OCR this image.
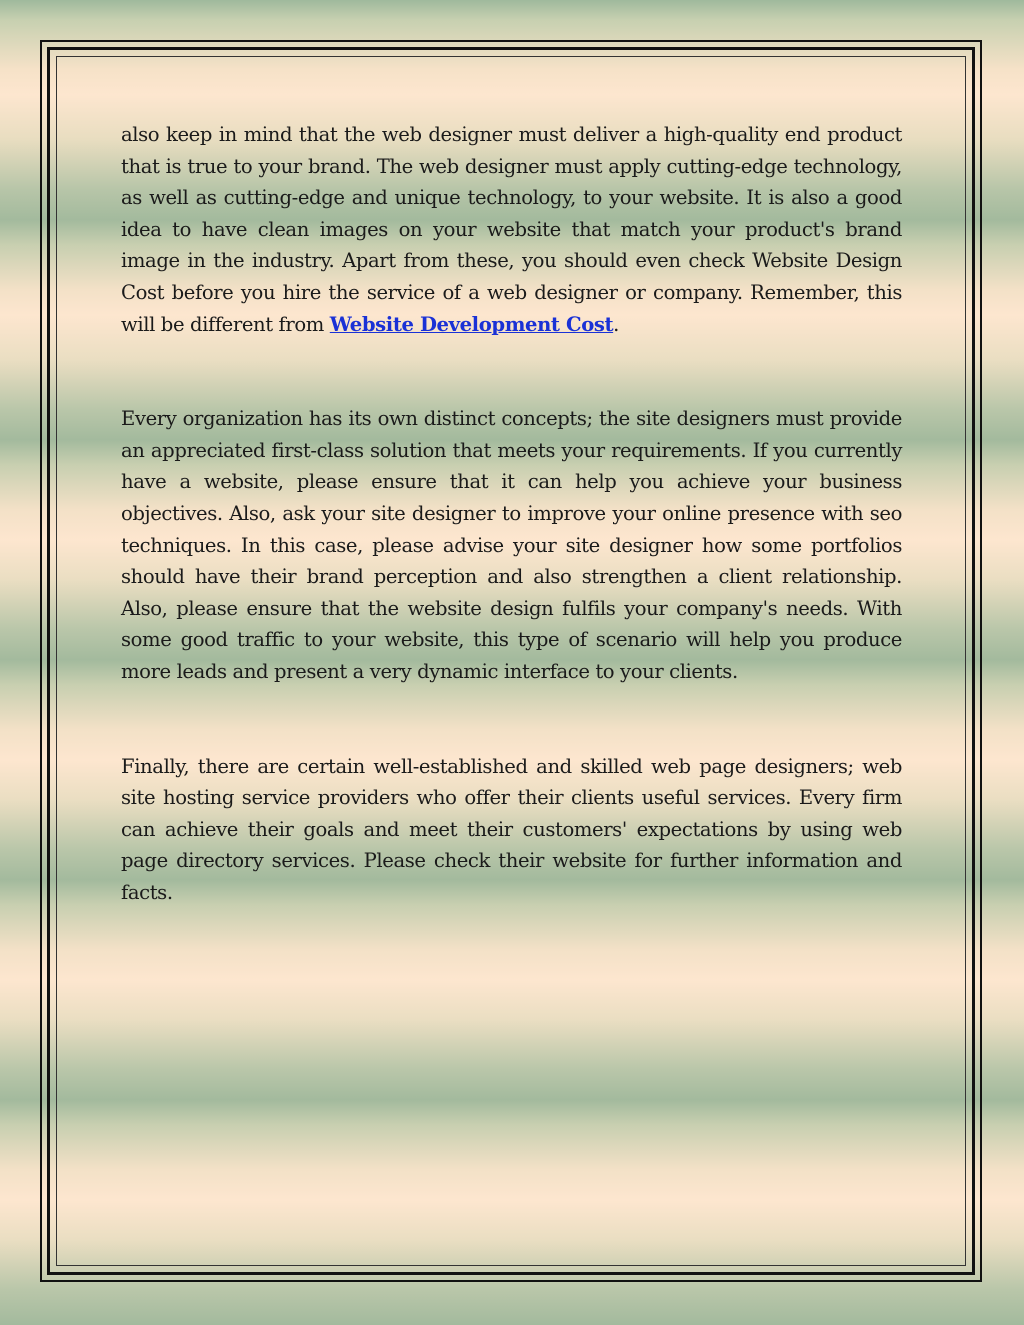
also keep in mind that the web designer must deliver a high-quality end product that is true to your brand. The web designer must apply cutting-edge technology, as well as cutting-edge and unique technology, to your website. It is also a good idea to have clean images on your website that match your product's brand image in the industry. Apart from these, you should even check Website Design Cost before you hire the service of a web designer or company. Remember, this will be different from Website Development Cost.

Every organization has its own distinct concepts; the site designers must provide an appreciated first-class solution that meets your requirements. If you currently have a website, please ensure that it can help you achieve your business objectives. Also, ask your site designer to improve your online presence with seo techniques. In this case, please advise your site designer how some portfolios should have their brand perception and also strengthen a client relationship. Also, please ensure that the website design fulfils your company's needs. With some good traffic to your website, this type of scenario will help you produce more leads and present a very dynamic interface to your clients.

Finally, there are certain well-established and skilled web page designers; web site hosting service providers who offer their clients useful services. Every firm can achieve their goals and meet their customers' expectations by using web page directory services. Please check their website for further information and facts.
